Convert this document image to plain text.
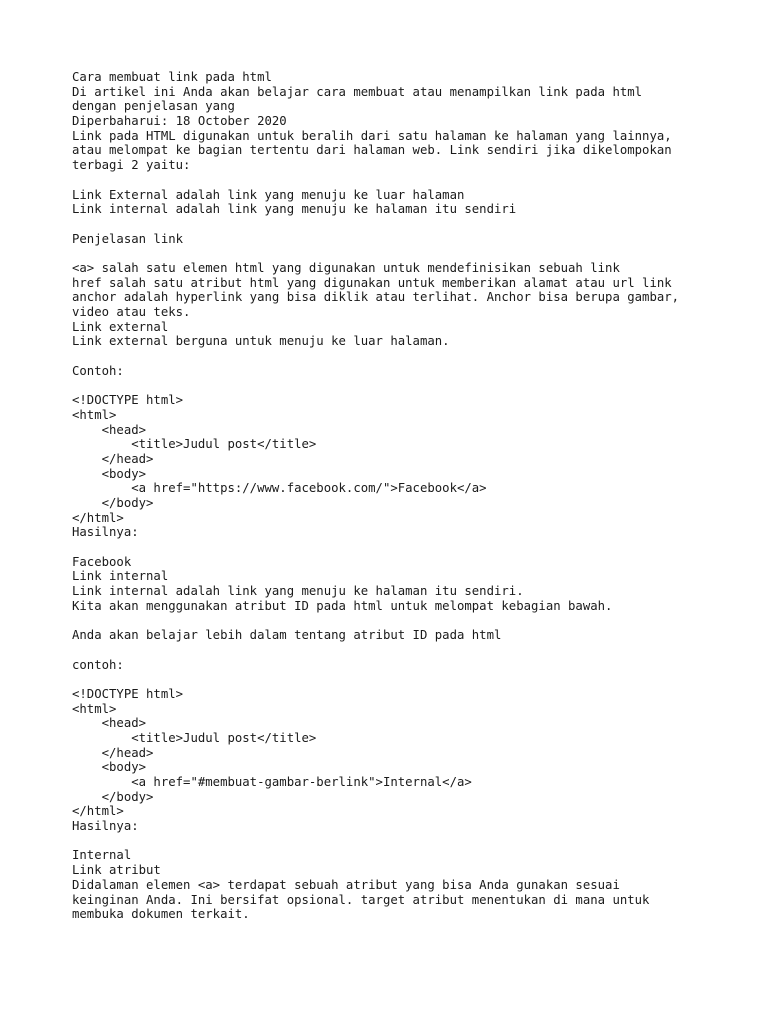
Cara membuat link pada html
Di artikel ini Anda akan belajar cara membuat atau menampilkan link pada html
dengan penjelasan yang
Diperbaharui: 18 October 2020
Link pada HTML digunakan untuk beralih dari satu halaman ke halaman yang lainnya,
atau melompat ke bagian tertentu dari halaman web. Link sendiri jika dikelompokan
terbagi 2 yaitu:
Link External adalah link yang menuju ke luar halaman
Link internal adalah link yang menuju ke halaman itu sendiri
Penjelasan link
<a> salah satu elemen html yang digunakan untuk mendefinisikan sebuah link
href salah satu atribut html yang digunakan untuk memberikan alamat atau url link
anchor adalah hyperlink yang bisa diklik atau terlihat. Anchor bisa berupa gambar,
video atau teks.
Link external
Link external berguna untuk menuju ke luar halaman.
Contoh:
<!DOCTYPE html>
<html>
<head>
<title>Judul post</title>
</head>
<body>
<a href="https://www.facebook.com/">Facebook</a>
</body>
</html>
Hasilnya:
Facebook
Link internal
Link internal adalah link yang menuju ke halaman itu sendiri.
Kita akan menggunakan atribut ID pada html untuk melompat kebagian bawah.
Anda akan belajar lebih dalam tentang atribut ID pada html
contoh:
<!DOCTYPE html>
<html>
<head>
<title>Judul post</title>
</head>
<body>
<a href="#membuat-gambar-berlink">Internal</a>
</body>
</html>
Hasilnya:
Internal
Link atribut
Didalaman elemen <a> terdapat sebuah atribut yang bisa Anda gunakan sesuai
keinginan Anda. Ini bersifat opsional. target atribut menentukan di mana untuk
membuka dokumen terkait.
